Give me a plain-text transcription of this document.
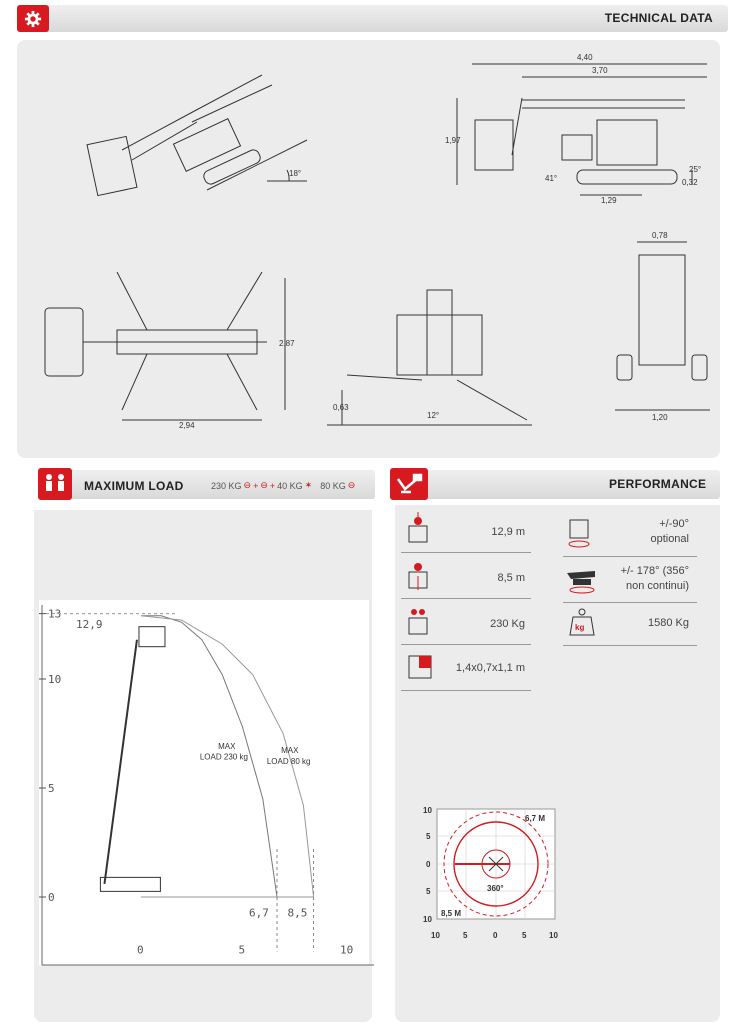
TECHNICAL DATA
18°
4,40
3,70
1,97
1,29
41°
25°
0,32
2,94
2,87
0,63
12°
0,78
1,20
MAXIMUM LOAD	230 KG ⊖ + ⊖ + 40 KG ✶ 80 KG ⊖
13
10
5
0
12,9
0	5	10
6,7 8,5
MAX
LOAD 230 kg
MAX
LOAD 80 kg
PERFORMANCE
12,9 m
8,5 m
230 Kg
1,4x0,7x1,1 m
+/-90°
optional
+/- 178° (356°
non continui)
kg	1580 Kg
10
5
0
5
10
10	5	0	5	10
6,7 M
8,5 M
360°
